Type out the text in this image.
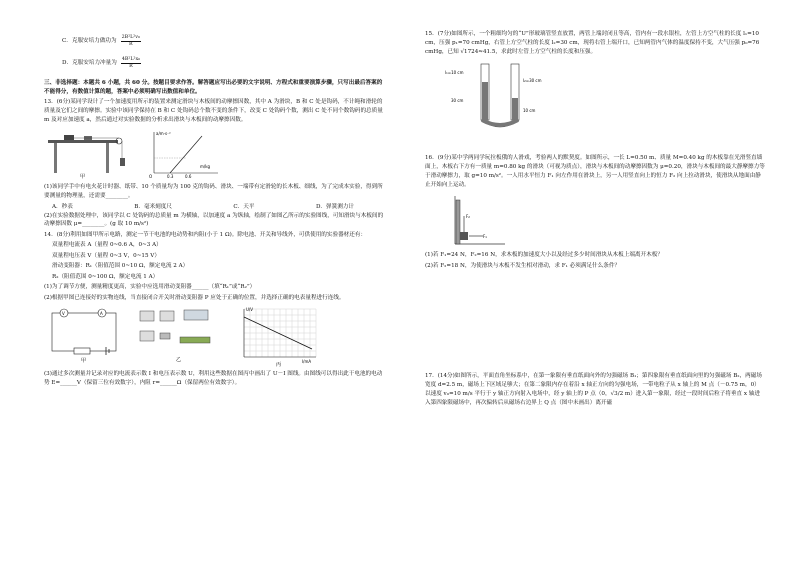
C．克服安培力做功为 $\frac{\text{2B²L²v₀}}{R}$
D．克服安培力冲量为 $\frac{\text{4B²L²x₀}}{R}$

三、非选择题：本题共 6 小题，共 60 分。按题目要求作答。解答题应写出必要的文字说明、方程式和重要演算步骤，只写出最后答案的不能得分，有数值计算的题，答案中必须明确写出数值和单位。

13．(6分)某同学设计了一个加速度用所示的装置来测定滑块与木板间的动摩擦因数，其中 A 为滑块，B 和 C 处是钩码，不计绳和滑轮的质量及它们之间的摩擦。实验中该同学保持在 B 和 C 处钩码总个数不变的条件下，改变 C 处钩码个数，测出 C 处不同个数钩码的总质量 m 及对应加速度 a，然后通过对实验数据的分析求出滑块与木板间的动摩擦因数。

甲
a/m·s⁻²
m/kg
O	0.3	0.6

(1)该同学手中有电火花计时器、纸带、10 个质量均为 100 克的钩码、滑块、一端带有定滑轮的长木板、细线，为了完成本实验，得到所要测量的物理量，还需要________。

A．秒表	B．毫米刻度尺	C．天平	D．弹簧测力计

(2)在实验数据处理中，该同学以 C 处钩码的总质量 m 为横轴，以加速度 a 为纵轴，绘制了如图乙所示的实验图线，可知滑块与木板间的动摩擦因数 μ=________。(g 取 10 m/s²)

14．(8分)利用如图甲所示电路，测定一节干电池的电动势和内阻(小于 1 Ω)。除电池、开关和导线外，可供使用的实验器材还有：

双量程电流表 A（量程 0~0.6 A，0~3 A）

双量程电压表 V（量程 0~3 V，0~15 V）

滑动变阻器：R₁（阻值范围 0~10 Ω，额定电流 2 A）

R₂（阻值范围 0~100 Ω，额定电流 1 A）

(1)为了调节方便，测量精度更高，实验中应选用滑动变阻器______（填“R₁”或“R₂”）

(2)根据甲图已连接好的实物连线，当直接闭合开关时滑动变阻器 P 应处于正确的位置，并选择正确的电表量程进行连线。

V	A
甲	乙
U/V
I/mA
丙

(3)通过多次测量并记录对应的电流表示数 I 和电压表示数 U，利用这些数据在图丙中画出了 U－I 图线。由图线可以得出此干电池的电动势 E=______V（保留三位有效数字），内阻 r=______Ω（保留两位有效数字）。

15．(7分)如图所示，一个粗细均匀的“U”形玻璃管竖直放置，两管上端封闭且等高，管内有一段水银柱，左管上方空气柱的长度 l₁=10 cm，压强 p₁=70 cmHg，右管上方空气柱的长度 l₂=30 cm，现将右管上端开口，已知两管内气体的温度保持不变，大气压强 p₀=76 cmHg，已知 √1724≈41.5，求此时左管上方空气柱的长度和压强。

l₁=10 cm
l₂=30 cm
30 cm
10 cm

16．(9分)某中学两同学玩拉板俄的人滑戏，考验两人的默契度。如图所示，一长 L=0.50 m、质量 M=0.40 kg 的木板靠在光滑竖直墙面上，木板右下方有一质量 m=0.80 kg 的滑块（可视为质点），滑块与木板间的动摩擦因数为 μ=0.20，滑块与木板间的最大静摩擦力等于滑动摩擦力，取 g=10 m/s²。一人用水平恒力 F₁ 向左作用在滑块上，另一人用竖直向上的恒力 F₂ 向上拉动滑块，使滑块从地面由静止开始向上运动。

F₁
F₂

(1)若 F₁=24 N，F₂=16 N，求木板的加速度大小以及经过多少时间滑块从木板上端离开木板？

(2)若 F₂=18 N，为使滑块与木板不发生相对滑动，求 F₁ 必须满足什么条件？

17．(14分)如图所示，平面直角坐标系中，在第一象限有垂直纸面向外的匀强磁场 B₁；第四象限有垂直纸面向里的匀强磁场 B₂，两磁场宽度 d=2.5 m，磁场上下区域足够大；在第二象限内存在着沿 x 轴正方向的匀强电场，一带电粒子从 x 轴上的 M 点（－0.75 m，0）以速度 v₀=10 m/s 平行于 y 轴正方向射入电场中，经 y 轴上的 P 点（0，√3/2 m）进入第一象限，经过一段时间后粒子将垂直 x 轴进入第四象限磁场中，再次偏转后从磁场右边界上 Q 点（图中未画出）离开磁
